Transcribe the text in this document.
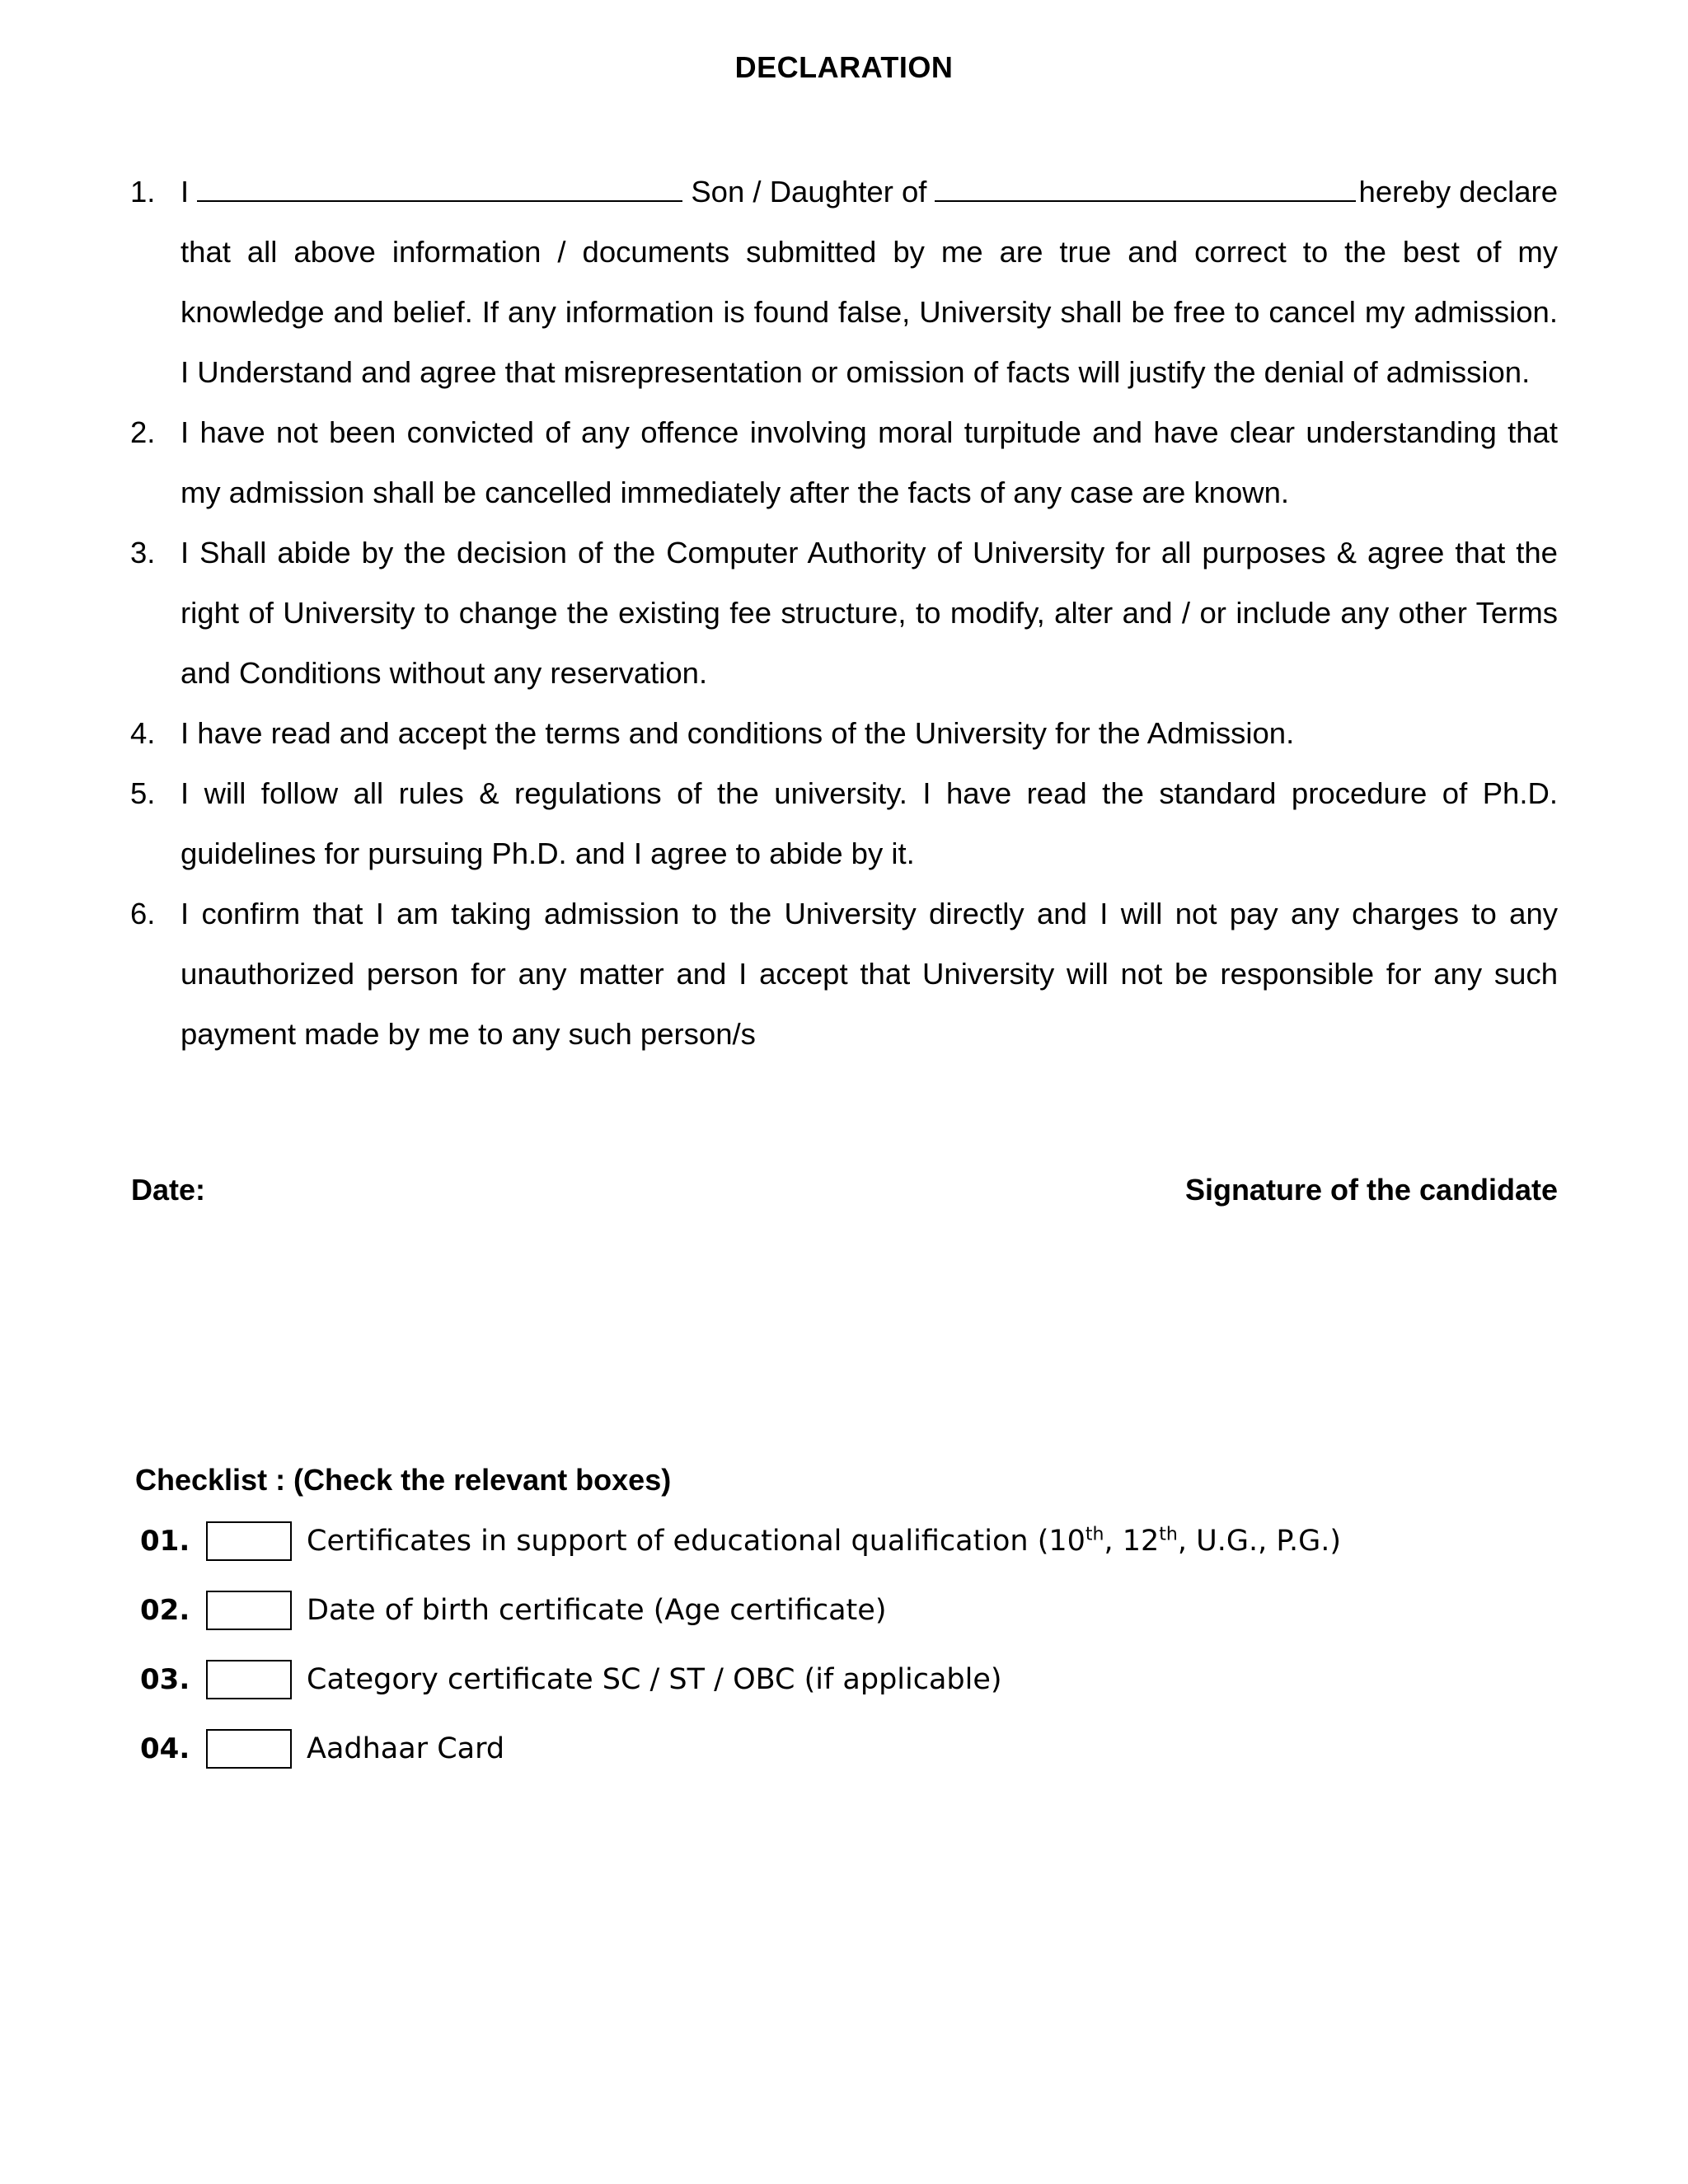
DECLARATION
1. I	Son / Daughter of	hereby declare
that all above information / documents submitted by me are true and correct to the best of my knowledge and belief. If any information is found false, University shall be free to cancel my admission. I Understand and agree that misrepresentation or omission of facts will justify the denial of admission.
2. I have not been convicted of any offence involving moral turpitude and have clear understanding that my admission shall be cancelled immediately after the facts of any case are known.
3. I Shall abide by the decision of the Computer Authority of University for all purposes & agree that the right of University to change the existing fee structure, to modify, alter and / or include any other Terms and Conditions without any reservation.
4. I have read and accept the terms and conditions of the University for the Admission.
5. I will follow all rules & regulations of the university. I have read the standard procedure of Ph.D. guidelines for pursuing Ph.D. and I agree to abide by it.
6. I confirm that I am taking admission to the University directly and I will not pay any charges to any unauthorized person for any matter and I accept that University will not be responsible for any such payment made by me to any such person/s
Date:	Signature of the candidate
Checklist : (Check the relevant boxes)
01.	Certificates in support of educational qualification (10th, 12th, U.G., P.G.)
02.	Date of birth certificate (Age certificate)
03.	Category certificate SC / ST / OBC (if applicable)
04.	Aadhaar Card
